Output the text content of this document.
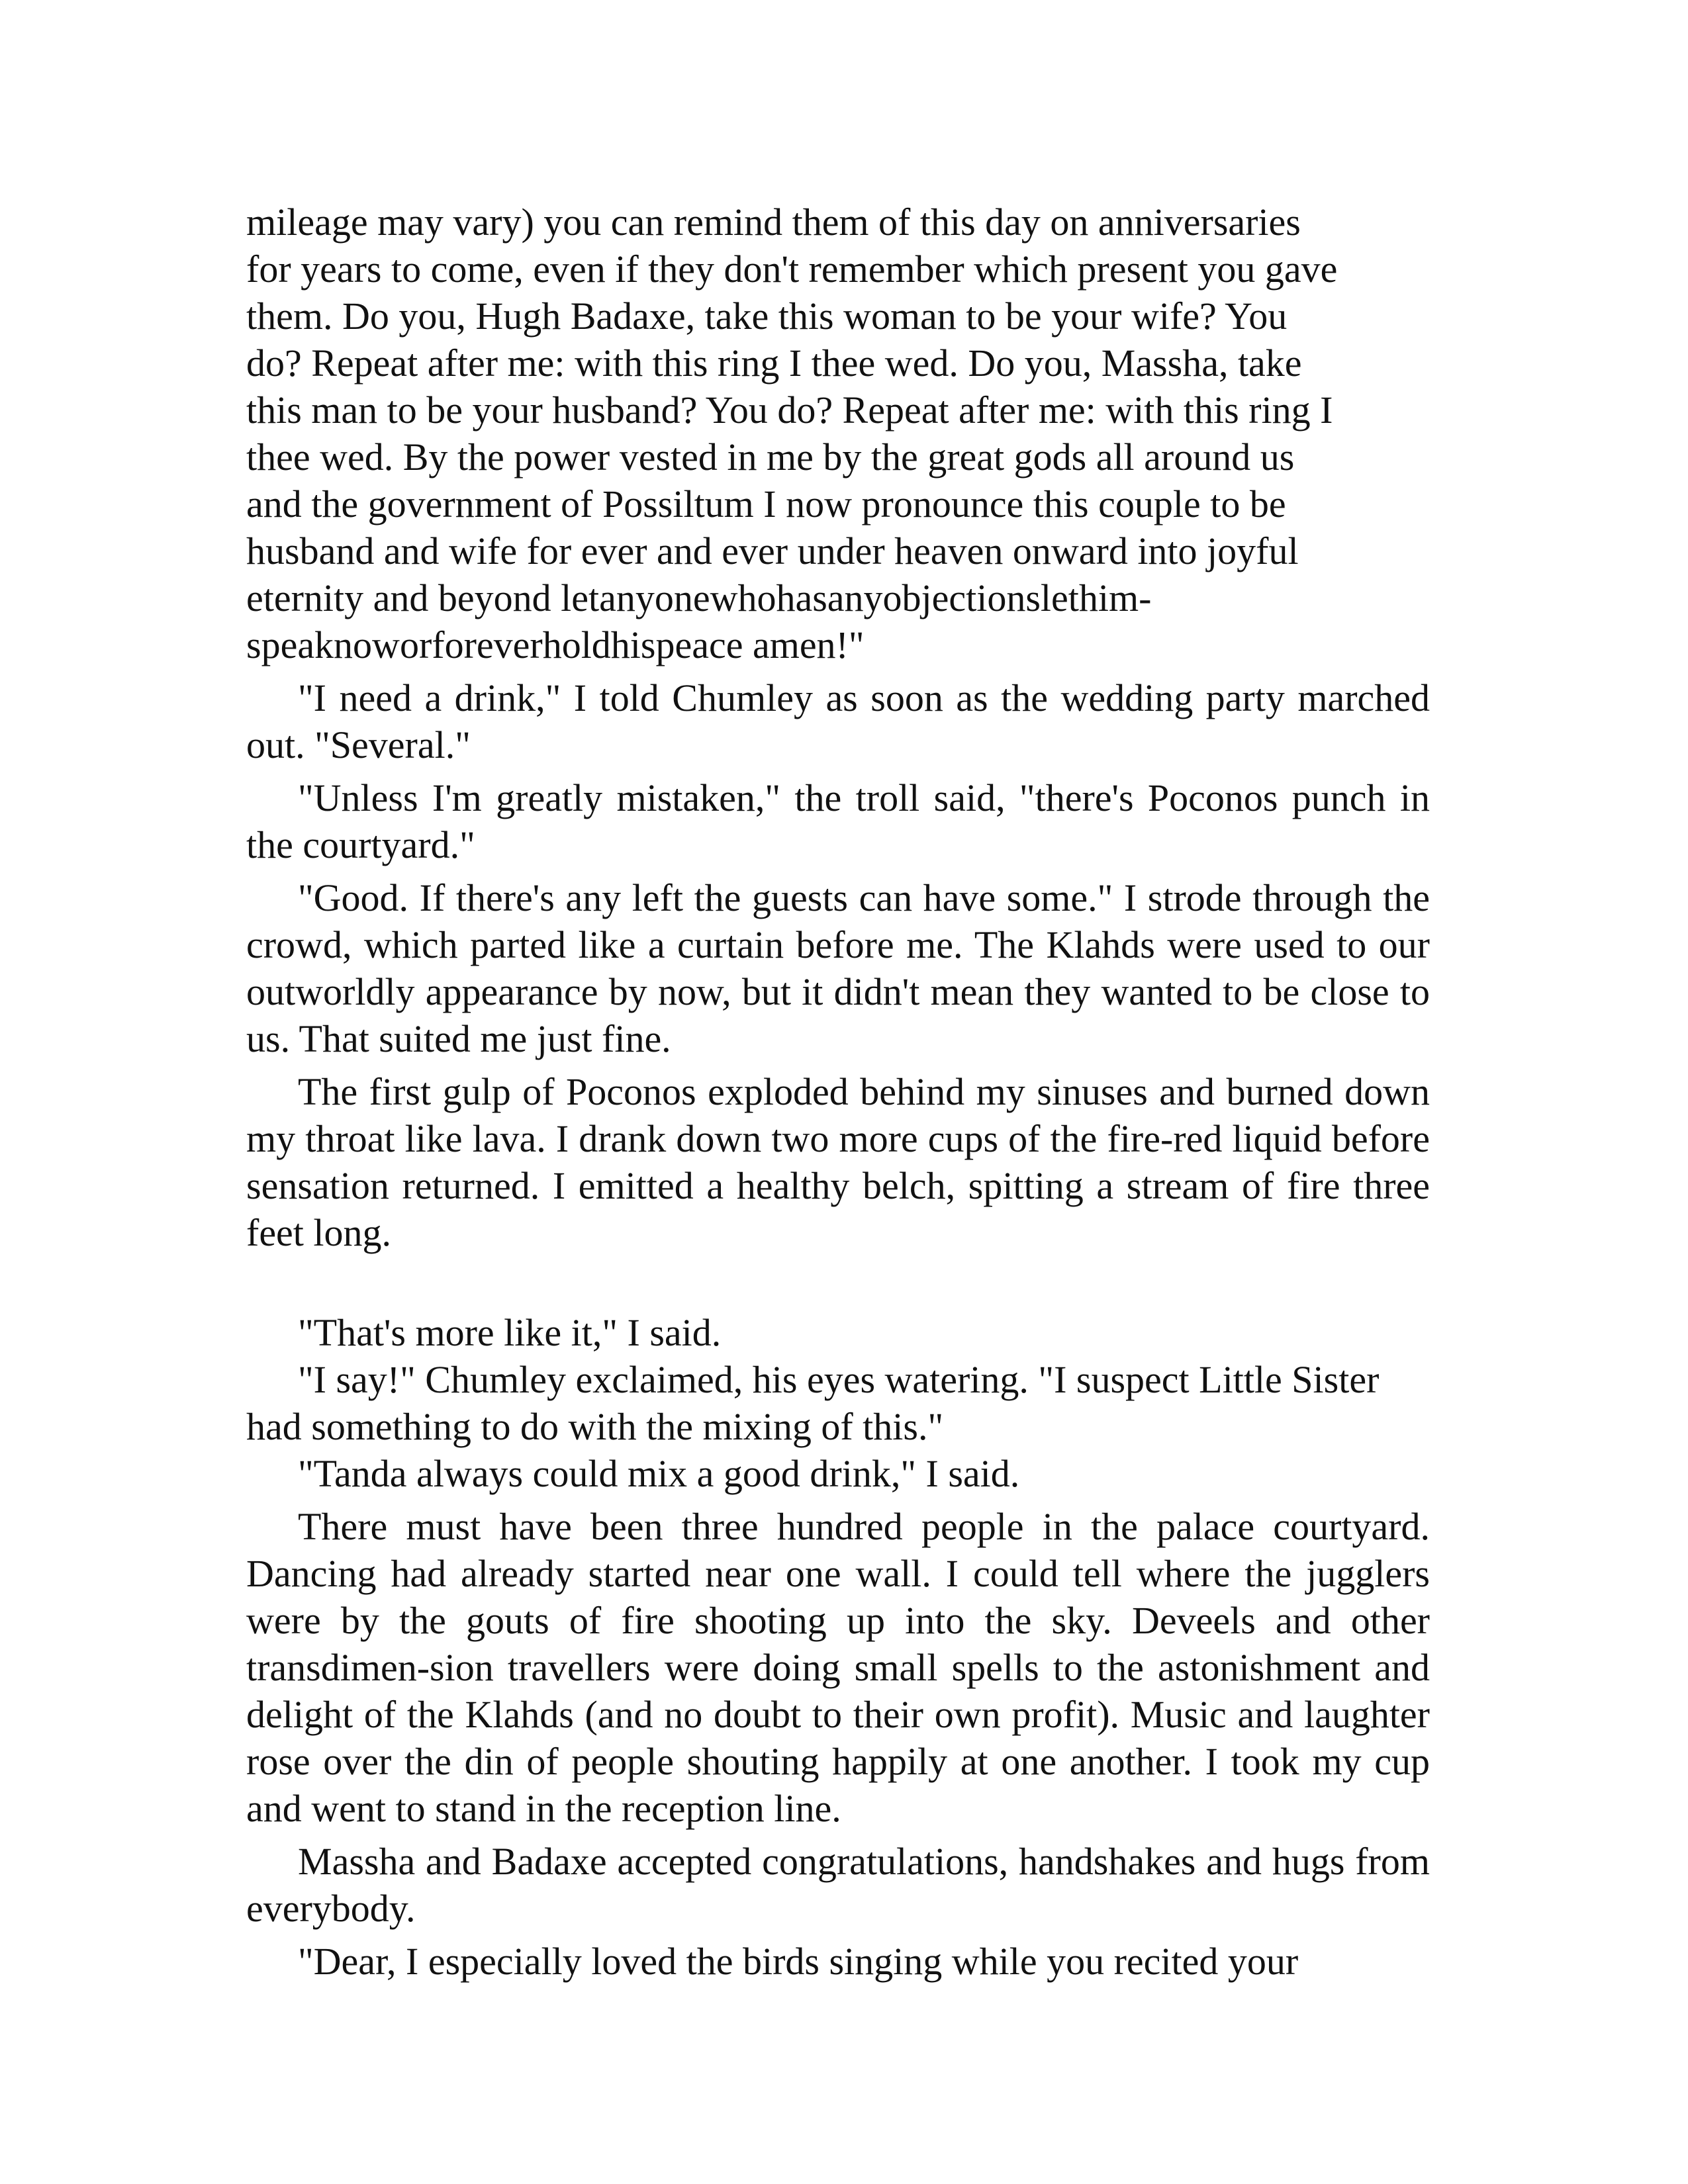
mileage may vary) you can remind them of this day on anniversaries
for years to come, even if they don't remember which present you gave
them. Do you, Hugh Badaxe, take this woman to be your wife? You
do? Repeat after me: with this ring I thee wed. Do you, Massha, take
this man to be your husband? You do? Repeat after me: with this ring I
thee wed. By the power vested in me by the great gods all around us
and the government of Possiltum I now pronounce this couple to be
husband and wife for ever and ever under heaven onward into joyful
eternity and beyond letanyonewhohasanyobjectionslethim-
speaknoworforeverholdhispeace amen!"

"I need a drink," I told Chumley as soon as the wedding party marched out. "Several."

"Unless I'm greatly mistaken," the troll said, "there's Poconos punch in the courtyard."

"Good. If there's any left the guests can have some." I strode through the crowd, which parted like a curtain before me. The Klahds were used to our outworldly appearance by now, but it didn't mean they wanted to be close to us. That suited me just fine.

The first gulp of Poconos exploded behind my sinuses and burned down my throat like lava. I drank down two more cups of the fire-red liquid before sensation returned. I emitted a healthy belch, spitting a stream of fire three feet long.

"That's more like it," I said.

"I say!" Chumley exclaimed, his eyes watering. "I suspect Little Sister had something to do with the mixing of this."

"Tanda always could mix a good drink," I said.

There must have been three hundred people in the palace courtyard. Dancing had already started near one wall. I could tell where the jugglers were by the gouts of fire shooting up into the sky. Deveels and other transdimen-sion travellers were doing small spells to the astonishment and delight of the Klahds (and no doubt to their own profit). Music and laughter rose over the din of people shouting happily at one another. I took my cup and went to stand in the reception line.

Massha and Badaxe accepted congratulations, handshakes and hugs from everybody.

"Dear, I especially loved the birds singing while you recited your
